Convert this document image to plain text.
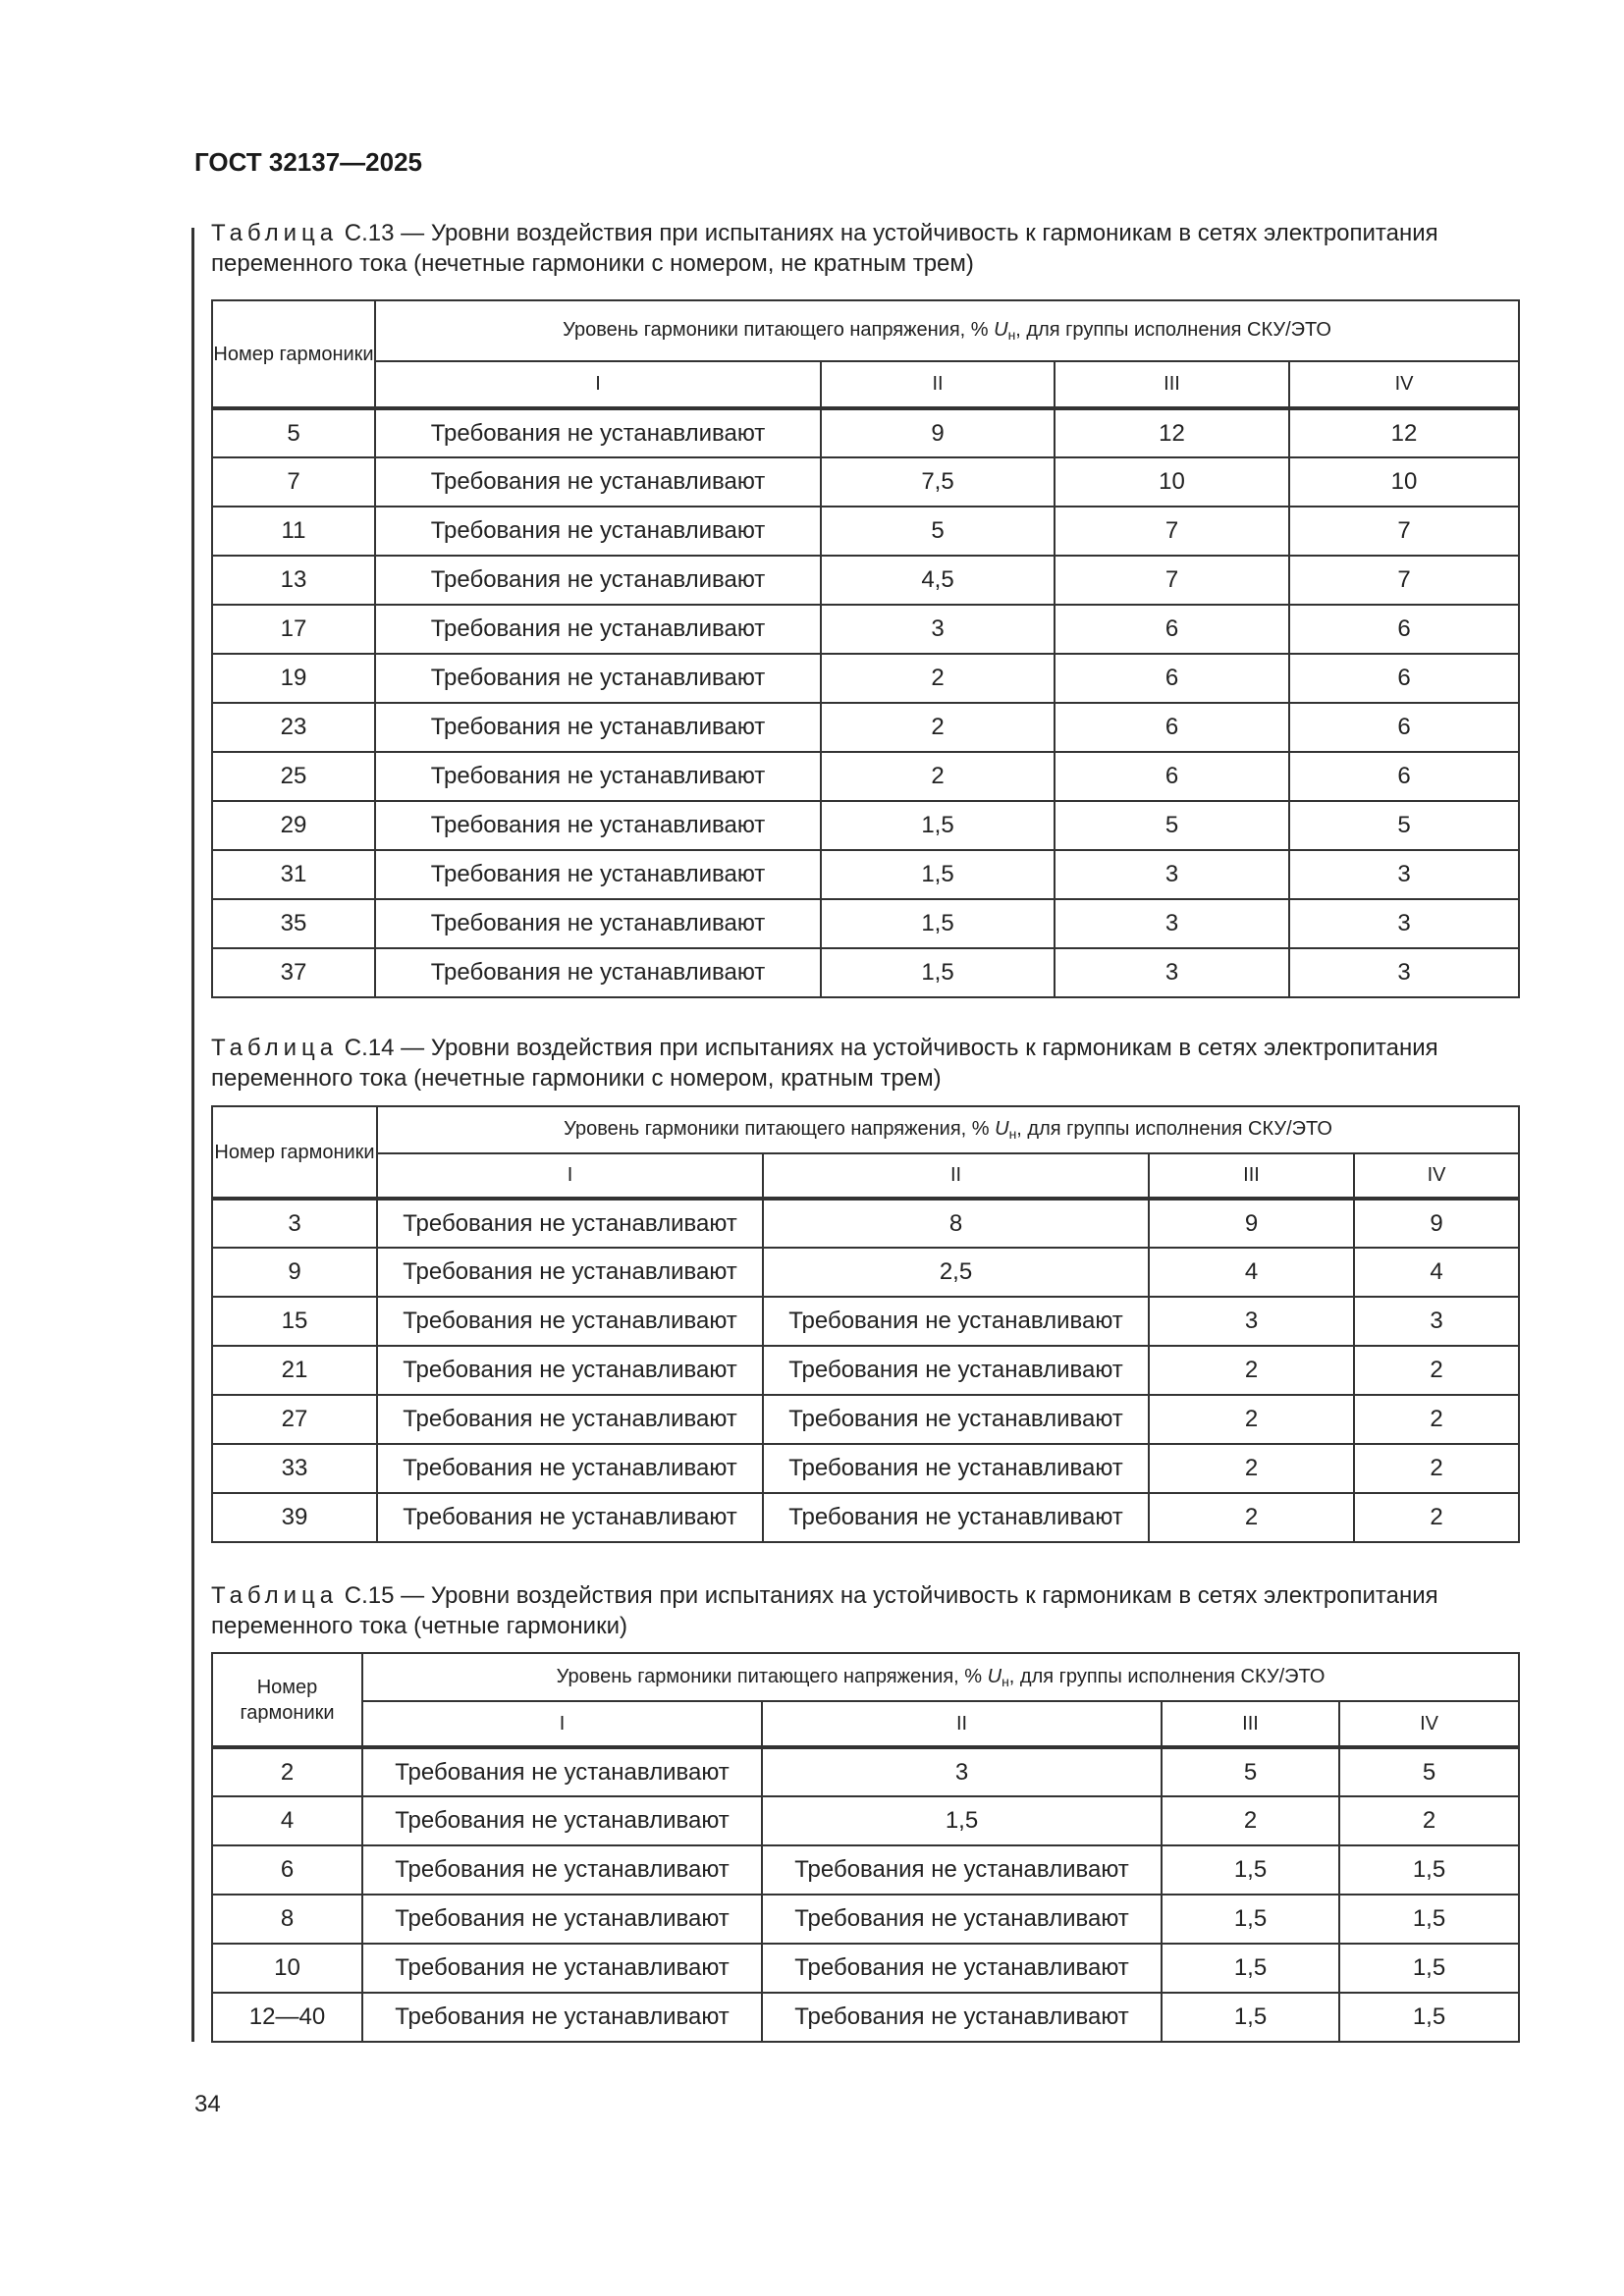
ГОСТ 32137—2025
Таблица С.13 — Уровни воздействия при испытаниях на устойчивость к гармоникам в сетях электропитания переменного тока (нечетные гармоники с номером, не кратным трем)
Номер гармоники	Уровень гармоники питающего напряжения, % $U_н$, для группы исполнения СКУ/ЭТО			
	I	II	III	IV
5	Требования не устанавливают	9	12	12
7	Требования не устанавливают	7,5	10	10
11	Требования не устанавливают	5	7	7
13	Требования не устанавливают	4,5	7	7
17	Требования не устанавливают	3	6	6
19	Требования не устанавливают	2	6	6
23	Требования не устанавливают	2	6	6
25	Требования не устанавливают	2	6	6
29	Требования не устанавливают	1,5	5	5
31	Требования не устанавливают	1,5	3	3
35	Требования не устанавливают	1,5	3	3
37	Требования не устанавливают	1,5	3	3
Таблица С.14 — Уровни воздействия при испытаниях на устойчивость к гармоникам в сетях электропитания переменного тока (нечетные гармоники с номером, кратным трем)
Номер гармоники	Уровень гармоники питающего напряжения, % $U_н$, для группы исполнения СКУ/ЭТО			
	I	II	III	IV
3	Требования не устанавливают	8	9	9
9	Требования не устанавливают	2,5	4	4
15	Требования не устанавливают	Требования не устанавливают	3	3
21	Требования не устанавливают	Требования не устанавливают	2	2
27	Требования не устанавливают	Требования не устанавливают	2	2
33	Требования не устанавливают	Требования не устанавливают	2	2
39	Требования не устанавливают	Требования не устанавливают	2	2
Таблица С.15 — Уровни воздействия при испытаниях на устойчивость к гармоникам в сетях электропитания переменного тока (четные гармоники)
Номер гармоники	Уровень гармоники питающего напряжения, % $U_н$, для группы исполнения СКУ/ЭТО			
	I	II	III	IV
2	Требования не устанавливают	3	5	5
4	Требования не устанавливают	1,5	2	2
6	Требования не устанавливают	Требования не устанавливают	1,5	1,5
8	Требования не устанавливают	Требования не устанавливают	1,5	1,5
10	Требования не устанавливают	Требования не устанавливают	1,5	1,5
12—40	Требования не устанавливают	Требования не устанавливают	1,5	1,5
34
